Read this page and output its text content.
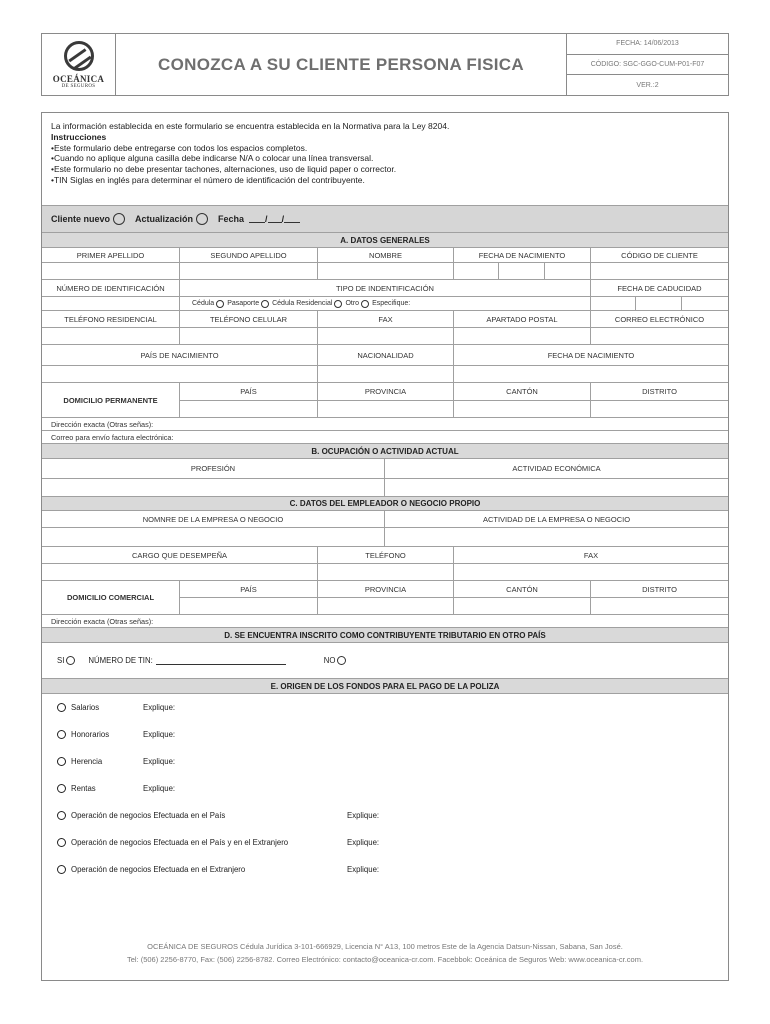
OCEÁNICA
DE SEGUROS
CONOZCA A SU CLIENTE PERSONA FISICA
FECHA: 14/06/2013
CÓDIGO: SGC-GGO-CUM-P01-F07
VER.:2
La información establecida en este formulario se encuentra establecida en la Normativa para la Ley 8204.
Instrucciones
•Este formulario debe entregarse con todos los espacios completos.
•Cuando no aplique alguna casilla debe indicarse N/A o colocar una línea transversal.
•Este formulario no debe presentar tachones, alternaciones, uso de liquid paper o corrector.
•TIN Siglas en inglés para determinar el número de identificación del contribuyente.
Cliente nuevo	Actualización	Fecha / /
A. DATOS GENERALES
PRIMER APELLIDO	SEGUNDO APELLIDO	NOMBRE	FECHA DE NACIMIENTO	CÓDIGO DE CLIENTE
NÚMERO DE IDENTIFICACIÓN	TIPO DE INDENTIFICACIÓN	FECHA DE CADUCIDAD
Cédula Pasaporte Cédula Residencial Otro Especifique:
TELÉFONO RESIDENCIAL	TELÉFONO CELULAR	FAX	APARTADO POSTAL	CORREO ELECTRÓNICO
PAÍS DE NACIMIENTO	NACIONALIDAD	FECHA DE NACIMIENTO
DOMICILIO PERMANENTE
PAÍS	PROVINCIA	CANTÓN	DISTRITO
Dirección exacta (Otras señas):
Correo para envío factura electrónica:
B. OCUPACIÓN O ACTIVIDAD ACTUAL
PROFESIÓN	ACTIVIDAD ECONÓMICA
C. DATOS DEL EMPLEADOR O NEGOCIO PROPIO
NOMNRE DE LA EMPRESA O NEGOCIO	ACTIVIDAD DE LA EMPRESA O NEGOCIO
CARGO QUE DESEMPEÑA	TELÉFONO	FAX
DOMICILIO COMERCIAL
PAÍS	PROVINCIA	CANTÓN	DISTRITO
Dirección exacta (Otras señas):
D. SE ENCUENTRA INSCRITO COMO CONTRIBUYENTE TRIBUTARIO EN OTRO PAÍS
SI	NÚMERO DE TIN:	NO
E. ORIGEN DE LOS FONDOS PARA EL PAGO DE LA POLIZA
Salarios	Explique:
Honorarios	Explique:
Herencia	Explique:
Rentas	Explique:
Operación de negocios Efectuada en el País	Explique:
Operación de negocios Efectuada en el País y en el Extranjero	Explique:
Operación de negocios Efectuada en el Extranjero	Explique:
OCEÁNICA DE SEGUROS Cédula Jurídica 3-101-666929, Licencia N° A13, 100 metros Este de la Agencia Datsun-Nissan, Sabana, San José.
Tel: (506) 2256-8770, Fax: (506) 2256-8782. Correo Electrónico: contacto@oceanica-cr.com. Facebbok: Oceánica de Seguros Web: www.oceanica-cr.com.
